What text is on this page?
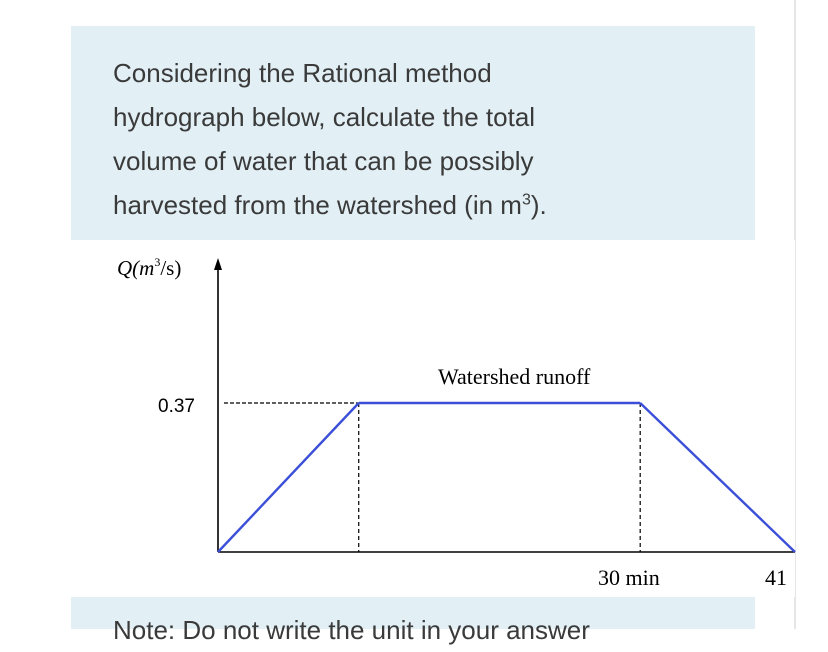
Considering the Rational method
hydrograph below, calculate the total
volume of water that can be possibly
harvested from the watershed (in $m^3$).

Note: Do not write the unit in your answer
$Q(m^3/s)$
0.37
Watershed runoff
30 min	41
